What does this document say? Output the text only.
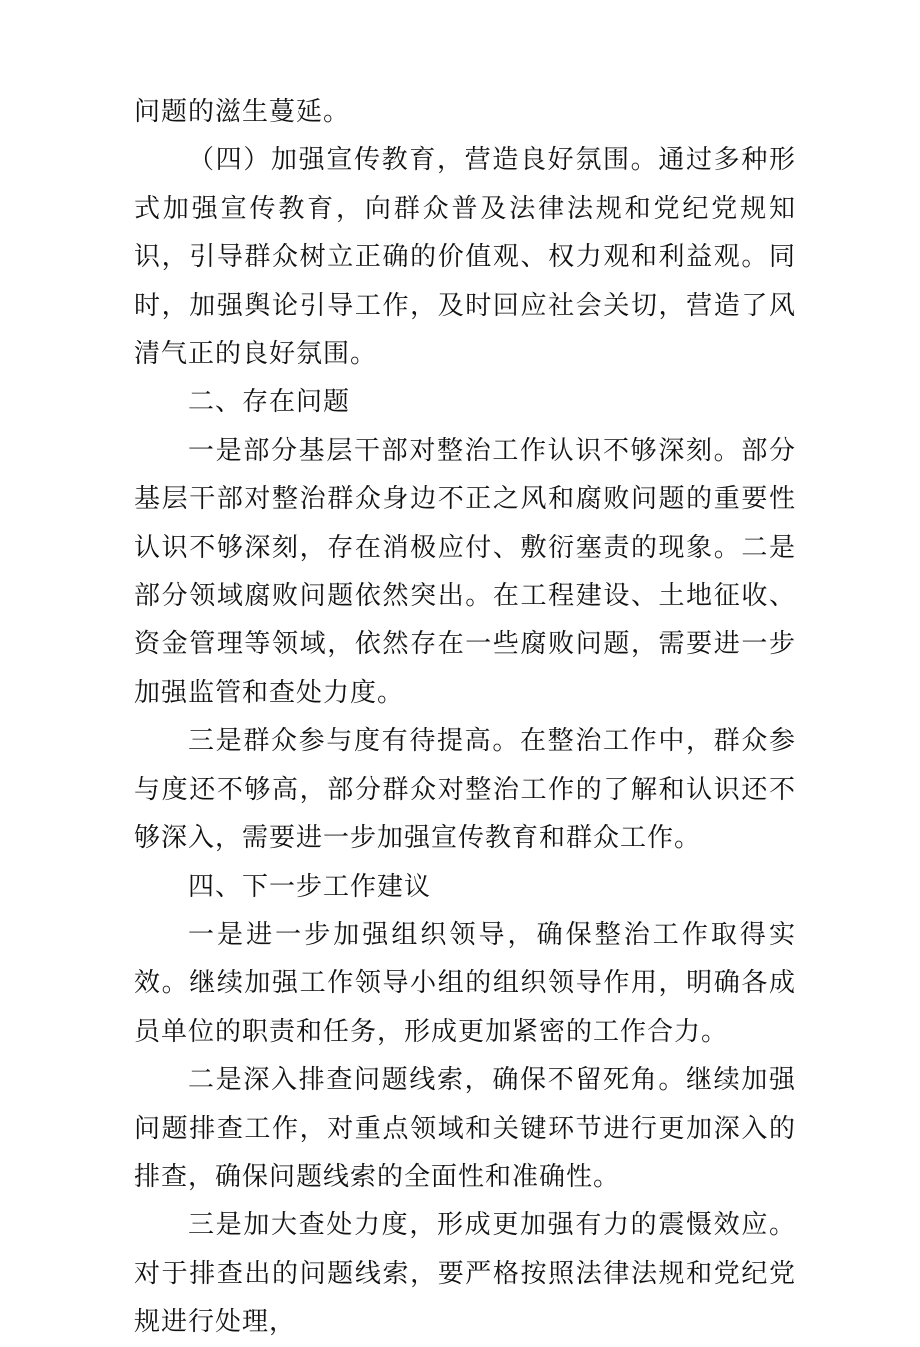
问题的滋生蔓延。

（四）加强宣传教育，营造良好氛围。通过多种形式加强宣传教育，向群众普及法律法规和党纪党规知识，引导群众树立正确的价值观、权力观和利益观。同时，加强舆论引导工作，及时回应社会关切，营造了风清气正的良好氛围。

二、存在问题

一是部分基层干部对整治工作认识不够深刻。部分基层干部对整治群众身边不正之风和腐败问题的重要性认识不够深刻，存在消极应付、敷衍塞责的现象。二是部分领域腐败问题依然突出。在工程建设、土地征收、资金管理等领域，依然存在一些腐败问题，需要进一步加强监管和查处力度。

三是群众参与度有待提高。在整治工作中，群众参与度还不够高，部分群众对整治工作的了解和认识还不够深入，需要进一步加强宣传教育和群众工作。

四、下一步工作建议

一是进一步加强组织领导，确保整治工作取得实效。继续加强工作领导小组的组织领导作用，明确各成员单位的职责和任务，形成更加紧密的工作合力。

二是深入排查问题线索，确保不留死角。继续加强问题排查工作，对重点领域和关键环节进行更加深入的排查，确保问题线索的全面性和准确性。

三是加大查处力度，形成更加强有力的震慑效应。对于排查出的问题线索，要严格按照法律法规和党纪党规进行处理，
